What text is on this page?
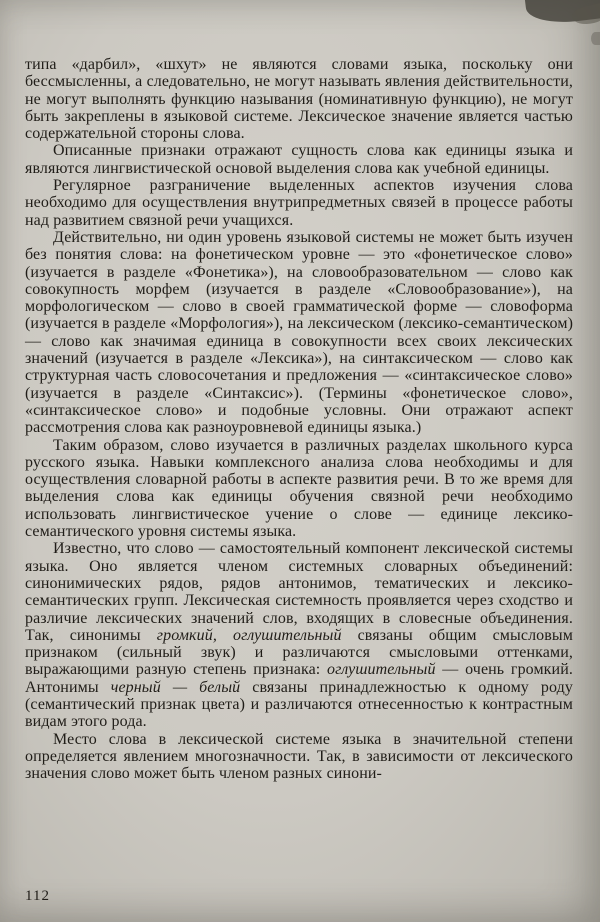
типа «дарбил», «шхут» не являются словами языка, поскольку они бессмысленны, а следовательно, не могут называть явления действительности, не могут выполнять функцию называния (номинативную функцию), не могут быть закреплены в языковой системе. Лексическое значение является частью содержательной стороны слова.

Описанные признаки отражают сущность слова как единицы языка и являются лингвистической основой выделения слова как учебной единицы.

Регулярное разграничение выделенных аспектов изучения слова необходимо для осуществления внутрипредметных связей в процессе работы над развитием связной речи учащихся.

Действительно, ни один уровень языковой системы не может быть изучен без понятия слова: на фонетическом уровне — это «фонетическое слово» (изучается в разделе «Фонетика»), на словообразовательном — слово как совокупность морфем (изучается в разделе «Словообразование»), на морфологическом — слово в своей грамматической форме — словоформа (изучается в разделе «Морфология»), на лексическом (лексико-семантическом) — слово как значимая единица в совокупности всех своих лексических значений (изучается в разделе «Лексика»), на синтаксическом — слово как структурная часть словосочетания и предложения — «синтаксическое слово» (изучается в разделе «Синтаксис»). (Термины «фонетическое слово», «синтаксическое слово» и подобные условны. Они отражают аспект рассмотрения слова как разноуровневой единицы языка.)

Таким образом, слово изучается в различных разделах школьного курса русского языка. Навыки комплексного анализа слова необходимы и для осуществления словарной работы в аспекте развития речи. В то же время для выделения слова как единицы обучения связной речи необходимо использовать лингвистическое учение о слове — единице лексико-семантического уровня системы языка.

Известно, что слово — самостоятельный компонент лексической системы языка. Оно является членом системных словарных объединений: синонимических рядов, рядов антонимов, тематических и лексико-семантических групп. Лексическая системность проявляется через сходство и различие лексических значений слов, входящих в словесные объединения. Так, синонимы громкий, оглушительный связаны общим смысловым признаком (сильный звук) и различаются смысловыми оттенками, выражающими разную степень признака: оглушительный — очень громкий. Антонимы черный — белый связаны принадлежностью к одному роду (семантический признак цвета) и различаются отнесенностью к контрастным видам этого рода.

Место слова в лексической системе языка в значительной степени определяется явлением многозначности. Так, в зависимости от лексического значения слово может быть членом разных синони-

112
